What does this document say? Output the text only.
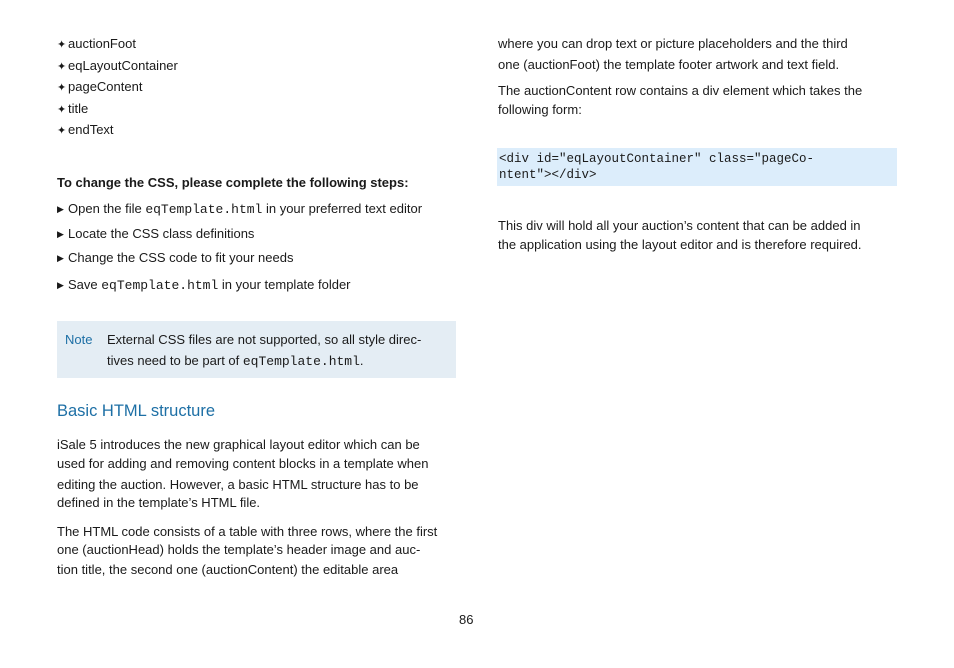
✦ auctionFoot
✦ eqLayoutContainer
✦ pageContent
✦ title
✦ endText
To change the CSS, please complete the following steps:
▶ Open the file eqTemplate.html in your preferred text editor
▶ Locate the CSS class definitions
▶ Change the CSS code to fit your needs
▶ Save eqTemplate.html in your template folder
Note External CSS files are not supported, so all style direc-
tives need to be part of eqTemplate.html.
Basic HTML structure
iSale 5 introduces the new graphical layout editor which can be
used for adding and removing content blocks in a template when
editing the auction. However, a basic HTML structure has to be
defined in the template’s HTML file.
The HTML code consists of a table with three rows, where the first
one (auctionHead) holds the template’s header image and auc-
tion title, the second one (auctionContent) the editable area
where you can drop text or picture placeholders and the third
one (auctionFoot) the template footer artwork and text field.
The auctionContent row contains a div element which takes the
following form:
<div id="eqLayoutContainer" class="pageCo-
ntent"></div>
This div will hold all your auction’s content that can be added in
the application using the layout editor and is therefore required.
86
